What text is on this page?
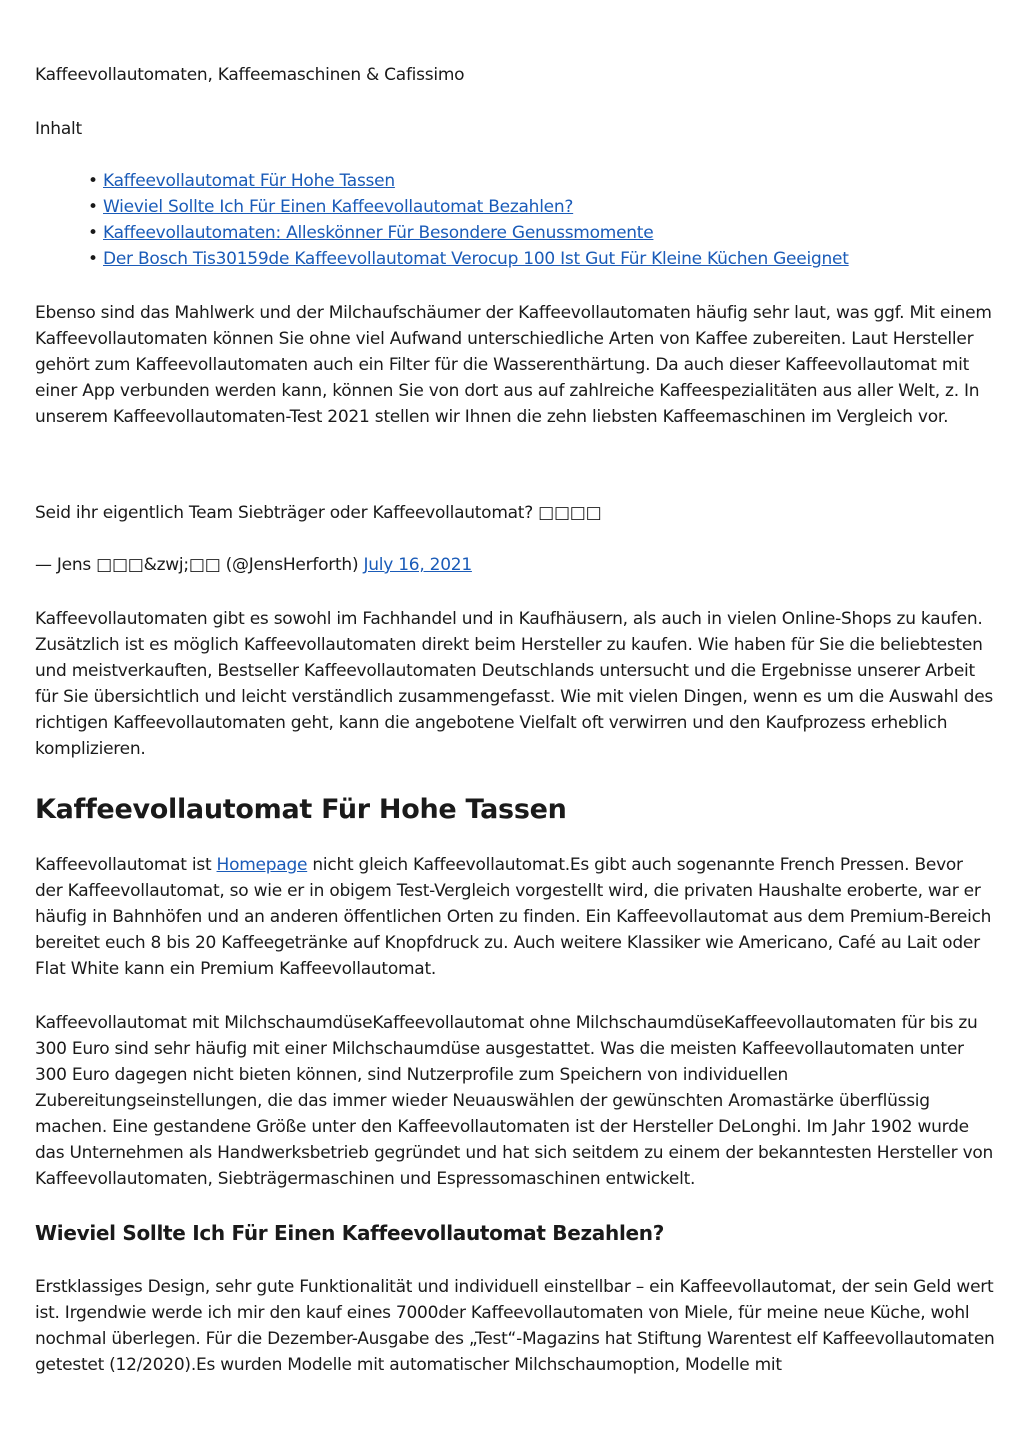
Kaffeevollautomaten, Kaffeemaschinen & Cafissimo

Inhalt

• Kaffeevollautomat Für Hohe Tassen
• Wieviel Sollte Ich Für Einen Kaffeevollautomat Bezahlen?
• Kaffeevollautomaten: Alleskönner Für Besondere Genussmomente
• Der Bosch Tis30159de Kaffeevollautomat Verocup 100 Ist Gut Für Kleine Küchen Geeignet

Ebenso sind das Mahlwerk und der Milchaufschäumer der Kaffeevollautomaten häufig sehr laut, was ggf. Mit einem Kaffeevollautomaten können Sie ohne viel Aufwand unterschiedliche Arten von Kaffee zubereiten. Laut Hersteller gehört zum Kaffeevollautomaten auch ein Filter für die Wasserenthärtung. Da auch dieser Kaffeevollautomat mit einer App verbunden werden kann, können Sie von dort aus auf zahlreiche Kaffeespezialitäten aus aller Welt, z. In unserem Kaffeevollautomaten-Test 2021 stellen wir Ihnen die zehn liebsten Kaffeemaschinen im Vergleich vor.

Seid ihr eigentlich Team Siebträger oder Kaffeevollautomat? □□□□

— Jens □□□&zwj;□□ (@JensHerforth) July 16, 2021

Kaffeevollautomaten gibt es sowohl im Fachhandel und in Kaufhäusern, als auch in vielen Online-Shops zu kaufen. Zusätzlich ist es möglich Kaffeevollautomaten direkt beim Hersteller zu kaufen. Wie haben für Sie die beliebtesten und meistverkauften, Bestseller Kaffeevollautomaten Deutschlands untersucht und die Ergebnisse unserer Arbeit für Sie übersichtlich und leicht verständlich zusammengefasst. Wie mit vielen Dingen, wenn es um die Auswahl des richtigen Kaffeevollautomaten geht, kann die angebotene Vielfalt oft verwirren und den Kaufprozess erheblich komplizieren.

Kaffeevollautomat Für Hohe Tassen

Kaffeevollautomat ist Homepage nicht gleich Kaffeevollautomat.Es gibt auch sogenannte French Pressen. Bevor der Kaffeevollautomat, so wie er in obigem Test-Vergleich vorgestellt wird, die privaten Haushalte eroberte, war er häufig in Bahnhöfen und an anderen öffentlichen Orten zu finden. Ein Kaffeevollautomat aus dem Premium-Bereich bereitet euch 8 bis 20 Kaffeegetränke auf Knopfdruck zu. Auch weitere Klassiker wie Americano, Café au Lait oder Flat White kann ein Premium Kaffeevollautomat.

Kaffeevollautomat mit MilchschaumdüseKaffeevollautomat ohne MilchschaumdüseKaffeevollautomaten für bis zu 300 Euro sind sehr häufig mit einer Milchschaumdüse ausgestattet. Was die meisten Kaffeevollautomaten unter 300 Euro dagegen nicht bieten können, sind Nutzerprofile zum Speichern von individuellen Zubereitungseinstellungen, die das immer wieder Neuauswählen der gewünschten Aromastärke überflüssig machen. Eine gestandene Größe unter den Kaffeevollautomaten ist der Hersteller DeLonghi. Im Jahr 1902 wurde das Unternehmen als Handwerksbetrieb gegründet und hat sich seitdem zu einem der bekanntesten Hersteller von Kaffeevollautomaten, Siebträgermaschinen und Espressomaschinen entwickelt.

Wieviel Sollte Ich Für Einen Kaffeevollautomat Bezahlen?

Erstklassiges Design, sehr gute Funktionalität und individuell einstellbar – ein Kaffeevollautomat, der sein Geld wert ist. Irgendwie werde ich mir den kauf eines 7000der Kaffeevollautomaten von Miele, für meine neue Küche, wohl nochmal überlegen. Für die Dezember-Ausgabe des „Test“-Magazins hat Stiftung Warentest elf Kaffeevollautomaten getestet (12/2020).Es wurden Modelle mit automatischer Milchschaumoption, Modelle mit
